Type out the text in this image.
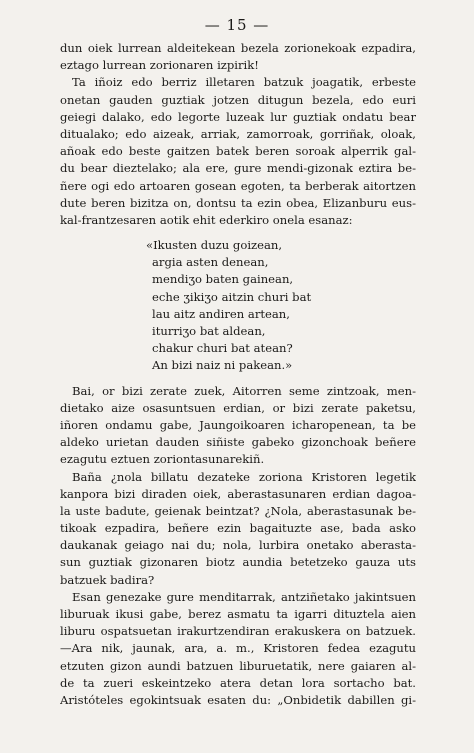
— 15 —
dun oiek lurrean aldeitekean bezela zorionekoak ezpadira,
eztago lurrean zorionaren izpirik!
Ta iñoiz edo berriz illetaren batzuk joagatik, erbeste
onetan gauden guztiak jotzen ditugun bezela, edo euri
geiegi dalako, edo legorte luzeak lur guztiak ondatu bear
ditualako; edo aizeak, arriak, zamorroak, gorriñak, oloak,
añoak edo beste gaitzen batek beren soroak alperrik gal-
du bear dieztelako; ala ere, gure mendi-gizonak eztira be-
ñere ogi edo artoaren gosean egoten, ta berberak aitortzen
dute beren bizitza on, dontsu ta ezin obea, Elizanburu eus-
kal-frantzesaren aotik ehit ederkiro onela esanaz:
«Ikusten duzu goizean,
argia asten denean,
mendiӡo baten gainean,
eche ӡikiӡo aitzin churi bat
lau aitz andiren artean,
iturriӡo bat aldean,
chakur churi bat atean?
An bizi naiz ni pakean.»
Bai, or bizi zerate zuek, Aitorren seme zintzoak, men-
dietako aize osasuntsuen erdian, or bizi zerate paketsu,
iñoren ondamu gabe, Jaungoikoaren icharopenean, ta be
aldeko urietan dauden siñiste gabeko gizonchoak beñere
ezagutu eztuen zoriontasunarekiñ.
Baña ¿nola billatu dezateke zoriona Kristoren legetik
kanpora bizi diraden oiek, aberastasunaren erdian dagoa-
la uste badute, geienak beintzat? ¿Nola, aberastasunak be-
tikoak ezpadira, beñere ezin bagaituzte ase, bada asko
daukanak geiago nai du; nola, lurbira onetako aberasta-
sun guztiak gizonaren biotz aundia betetzeko gauza uts
batzuek badira?
Esan genezake gure menditarrak, antziñetako jakintsuen
liburuak ikusi gabe, berez asmatu ta igarri dituztela aien
liburu ospatsuetan irakurtzendiran erakuskera on batzuek.
—Ara nik, jaunak, ara, a. m., Kristoren fedea ezagutu
etzuten gizon aundi batzuen liburuetatik, nere gaiaren al-
de ta zueri eskeintzeko atera detan lora sortacho bat.
Aristóteles egokintsuak esaten du: „Onbidetik dabillen gi-
